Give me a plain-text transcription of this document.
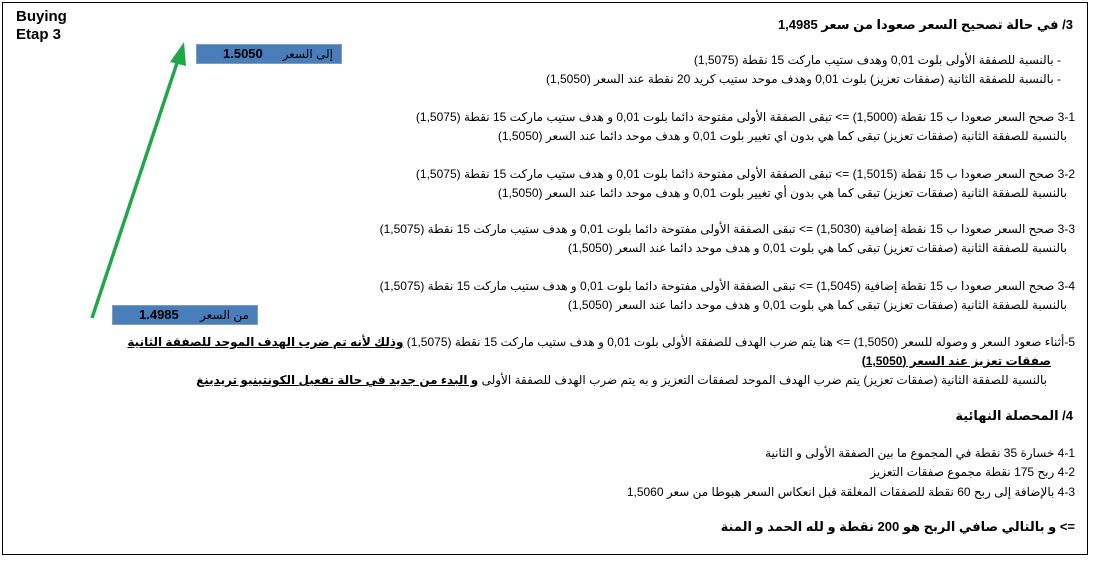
Buying
Etap 3
1.5050 إلى السعر
1.4985 من السعر
3/ في حالة تصحيح السعر صعودا من سعر 1,4985
- بالنسبة للصفقة الأولى بلوت 0,01 وهدف ستيب ماركت 15 نقطة (1,5075)
- بالنسبة للصفقة الثانية (صفقات تعزيز) بلوت 0,01 وهدف موحد ستيب كريد 20 نقطة عند السعر (1,5050)
3-1 صحح السعر صعودا ب 15 نقطة (1,5000) => تبقى الصفقة الأولى مفتوحة دائما بلوت 0,01 و هدف ستيب ماركت 15 نقطة (1,5075)
بالنسبة للصفقة الثانية (صفقات تعزيز) تبقى كما هي بدون اي تغيير بلوت 0,01 و هدف موحد دائما عند السعر (1,5050)
3-2 صحح السعر صعودا ب 15 نقطة (1,5015) => تبقى الصفقة الأولى مفتوحة دائما بلوت 0,01 و هدف ستيب ماركت 15 نقطة (1,5075)
بالنسبة للصفقة الثانية (صفقات تعزيز) تبقى كما هي بدون أي تغيير بلوت 0,01 و هدف موحد دائما عند السعر (1,5050)
3-3 صحح السعر صعودا ب 15 نقطة إضافية (1,5030) => تبقى الصفقة الأولى مفتوحة دائما بلوت 0,01 و هدف ستيب ماركت 15 نقطة (1,5075)
بالنسبة للصفقة الثانية (صفقات تعزيز) تبقى كما هي بلوت 0,01 و هدف موحد دائما عند السعر (1,5050)
3-4 صحح السعر صعودا ب 15 نقطة إضافية (1,5045) => تبقى الصفقة الأولى مفتوحة دائما بلوت 0,01 و هدف ستيب ماركت 15 نقطة (1,5075)
بالنسبة للصفقة الثانية (صفقات تعزيز) تبقى كما هي بلوت 0,01 و هدف موحد دائما عند السعر (1,5050)
5-أثناء صعود السعر و وصوله للسعر (1,5050) => هنا يتم ضرب الهدف للصفقة الأولى بلوت 0,01 و هدف ستيب ماركت 15 نقطة (1,5075) وذلك لأنه تم ضرب الهدف الموحد للصفقة الثانية
صفقات تعزيز عند السعر (1,5050)
بالنسبة للصفقة الثانية (صفقات تعزيز) يتم ضرب الهدف الموحد لصفقات التعزيز و به يتم ضرب الهدف للصفقة الأولى و البدء من جديد في حالة تفعيل الكونتينيو تريدينغ
4/ المحصلة النهائية
4-1 خسارة 35 نقطة في المجموع ما بين الصفقة الأولى و الثانية
4-2 ربح 175 نقطة مجموع صفقات التعزيز
4-3 بالإضافة إلى ربح 60 نقطة للصفقات المغلقة قبل انعكاس السعر هبوطا من سعر 1,5060
=> و بالتالي صافي الربح هو 200 نقطة و لله الحمد و المنة
